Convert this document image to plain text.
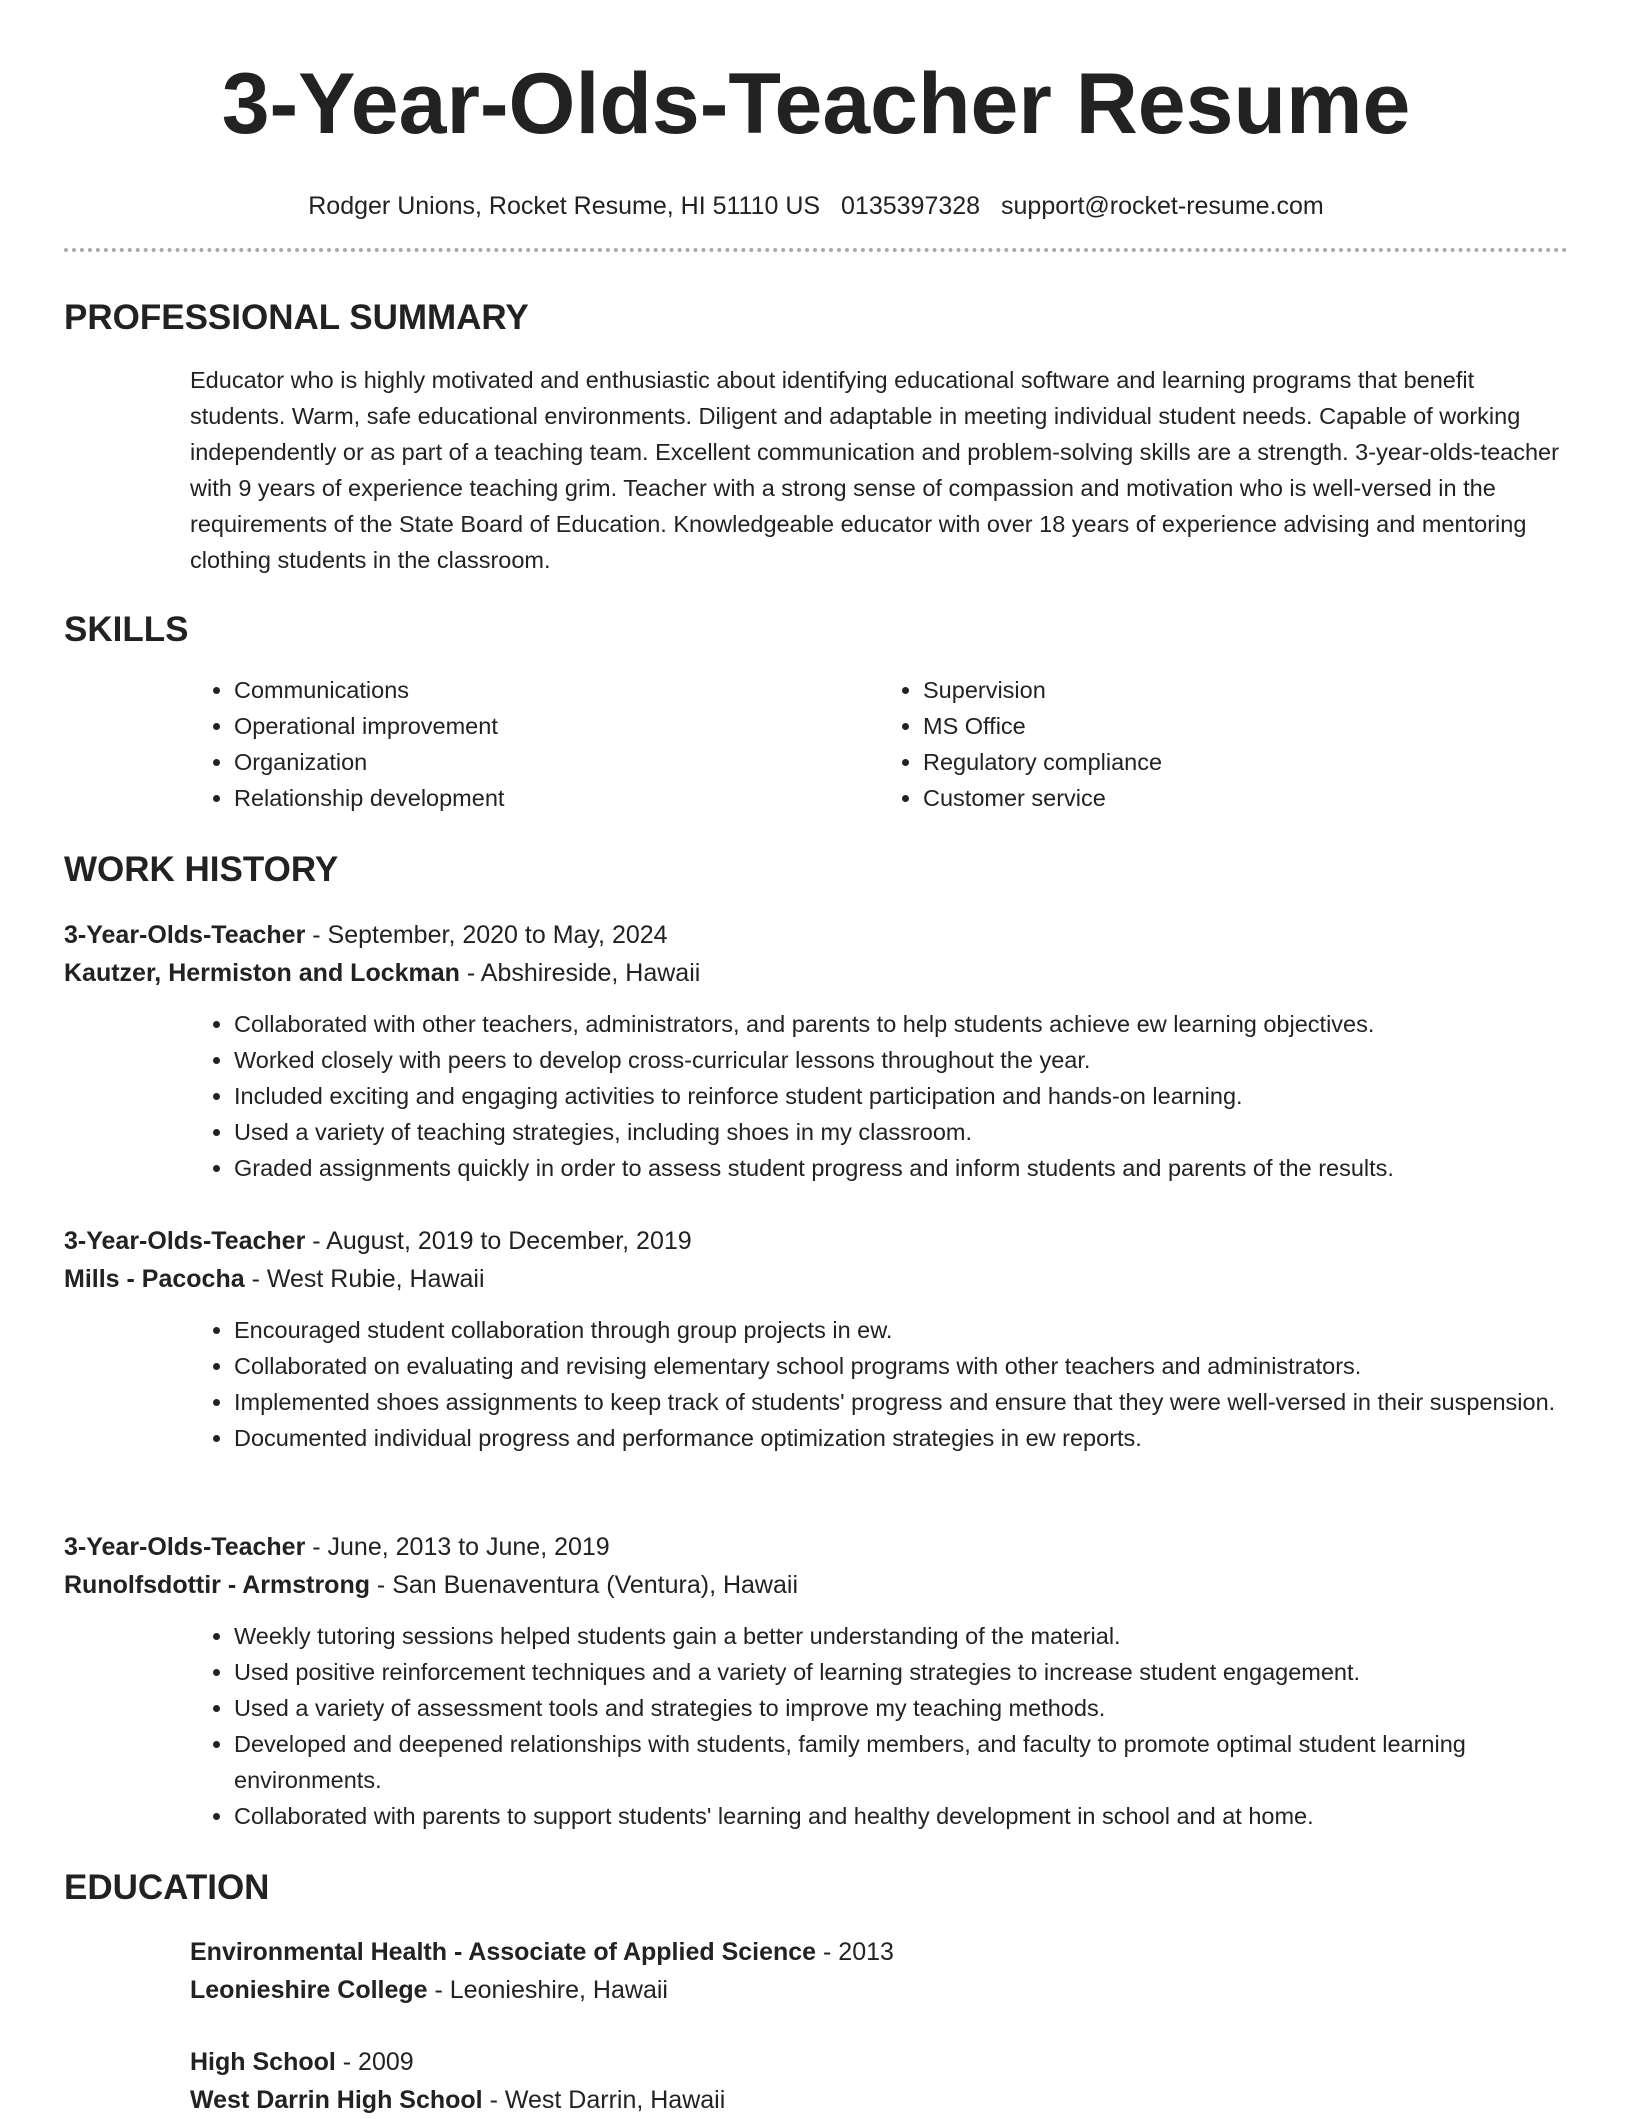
3-Year-Olds-Teacher Resume
Rodger Unions, Rocket Resume, HI 51110 US 0135397328 support@rocket-resume.com
PROFESSIONAL SUMMARY

Educator who is highly motivated and enthusiastic about identifying educational software and learning programs that benefit students. Warm, safe educational environments. Diligent and adaptable in meeting individual student needs. Capable of working independently or as part of a teaching team. Excellent communication and problem-solving skills are a strength. 3-year-olds-teacher with 9 years of experience teaching grim. Teacher with a strong sense of compassion and motivation who is well-versed in the requirements of the State Board of Education. Knowledgeable educator with over 18 years of experience advising and mentoring clothing students in the classroom.

SKILLS
• Communications
• Operational improvement
• Organization
• Relationship development
• Supervision
• MS Office
• Regulatory compliance
• Customer service
WORK HISTORY

3-Year-Olds-Teacher - September, 2020 to May, 2024

Kautzer, Hermiston and Lockman - Abshireside, Hawaii

• Collaborated with other teachers, administrators, and parents to help students achieve ew learning objectives.
• Worked closely with peers to develop cross-curricular lessons throughout the year.
• Included exciting and engaging activities to reinforce student participation and hands-on learning.
• Used a variety of teaching strategies, including shoes in my classroom.
• Graded assignments quickly in order to assess student progress and inform students and parents of the results.

3-Year-Olds-Teacher - August, 2019 to December, 2019

Mills - Pacocha - West Rubie, Hawaii

• Encouraged student collaboration through group projects in ew.
• Collaborated on evaluating and revising elementary school programs with other teachers and administrators.
• Implemented shoes assignments to keep track of students' progress and ensure that they were well-versed in their suspension.
• Documented individual progress and performance optimization strategies in ew reports.

3-Year-Olds-Teacher - June, 2013 to June, 2019

Runolfsdottir - Armstrong - San Buenaventura (Ventura), Hawaii

• Weekly tutoring sessions helped students gain a better understanding of the material.
• Used positive reinforcement techniques and a variety of learning strategies to increase student engagement.
• Used a variety of assessment tools and strategies to improve my teaching methods.
• Developed and deepened relationships with students, family members, and faculty to promote optimal student learning environments.
• Collaborated with parents to support students' learning and healthy development in school and at home.
EDUCATION

Environmental Health - Associate of Applied Science - 2013

Leonieshire College - Leonieshire, Hawaii

High School - 2009

West Darrin High School - West Darrin, Hawaii
